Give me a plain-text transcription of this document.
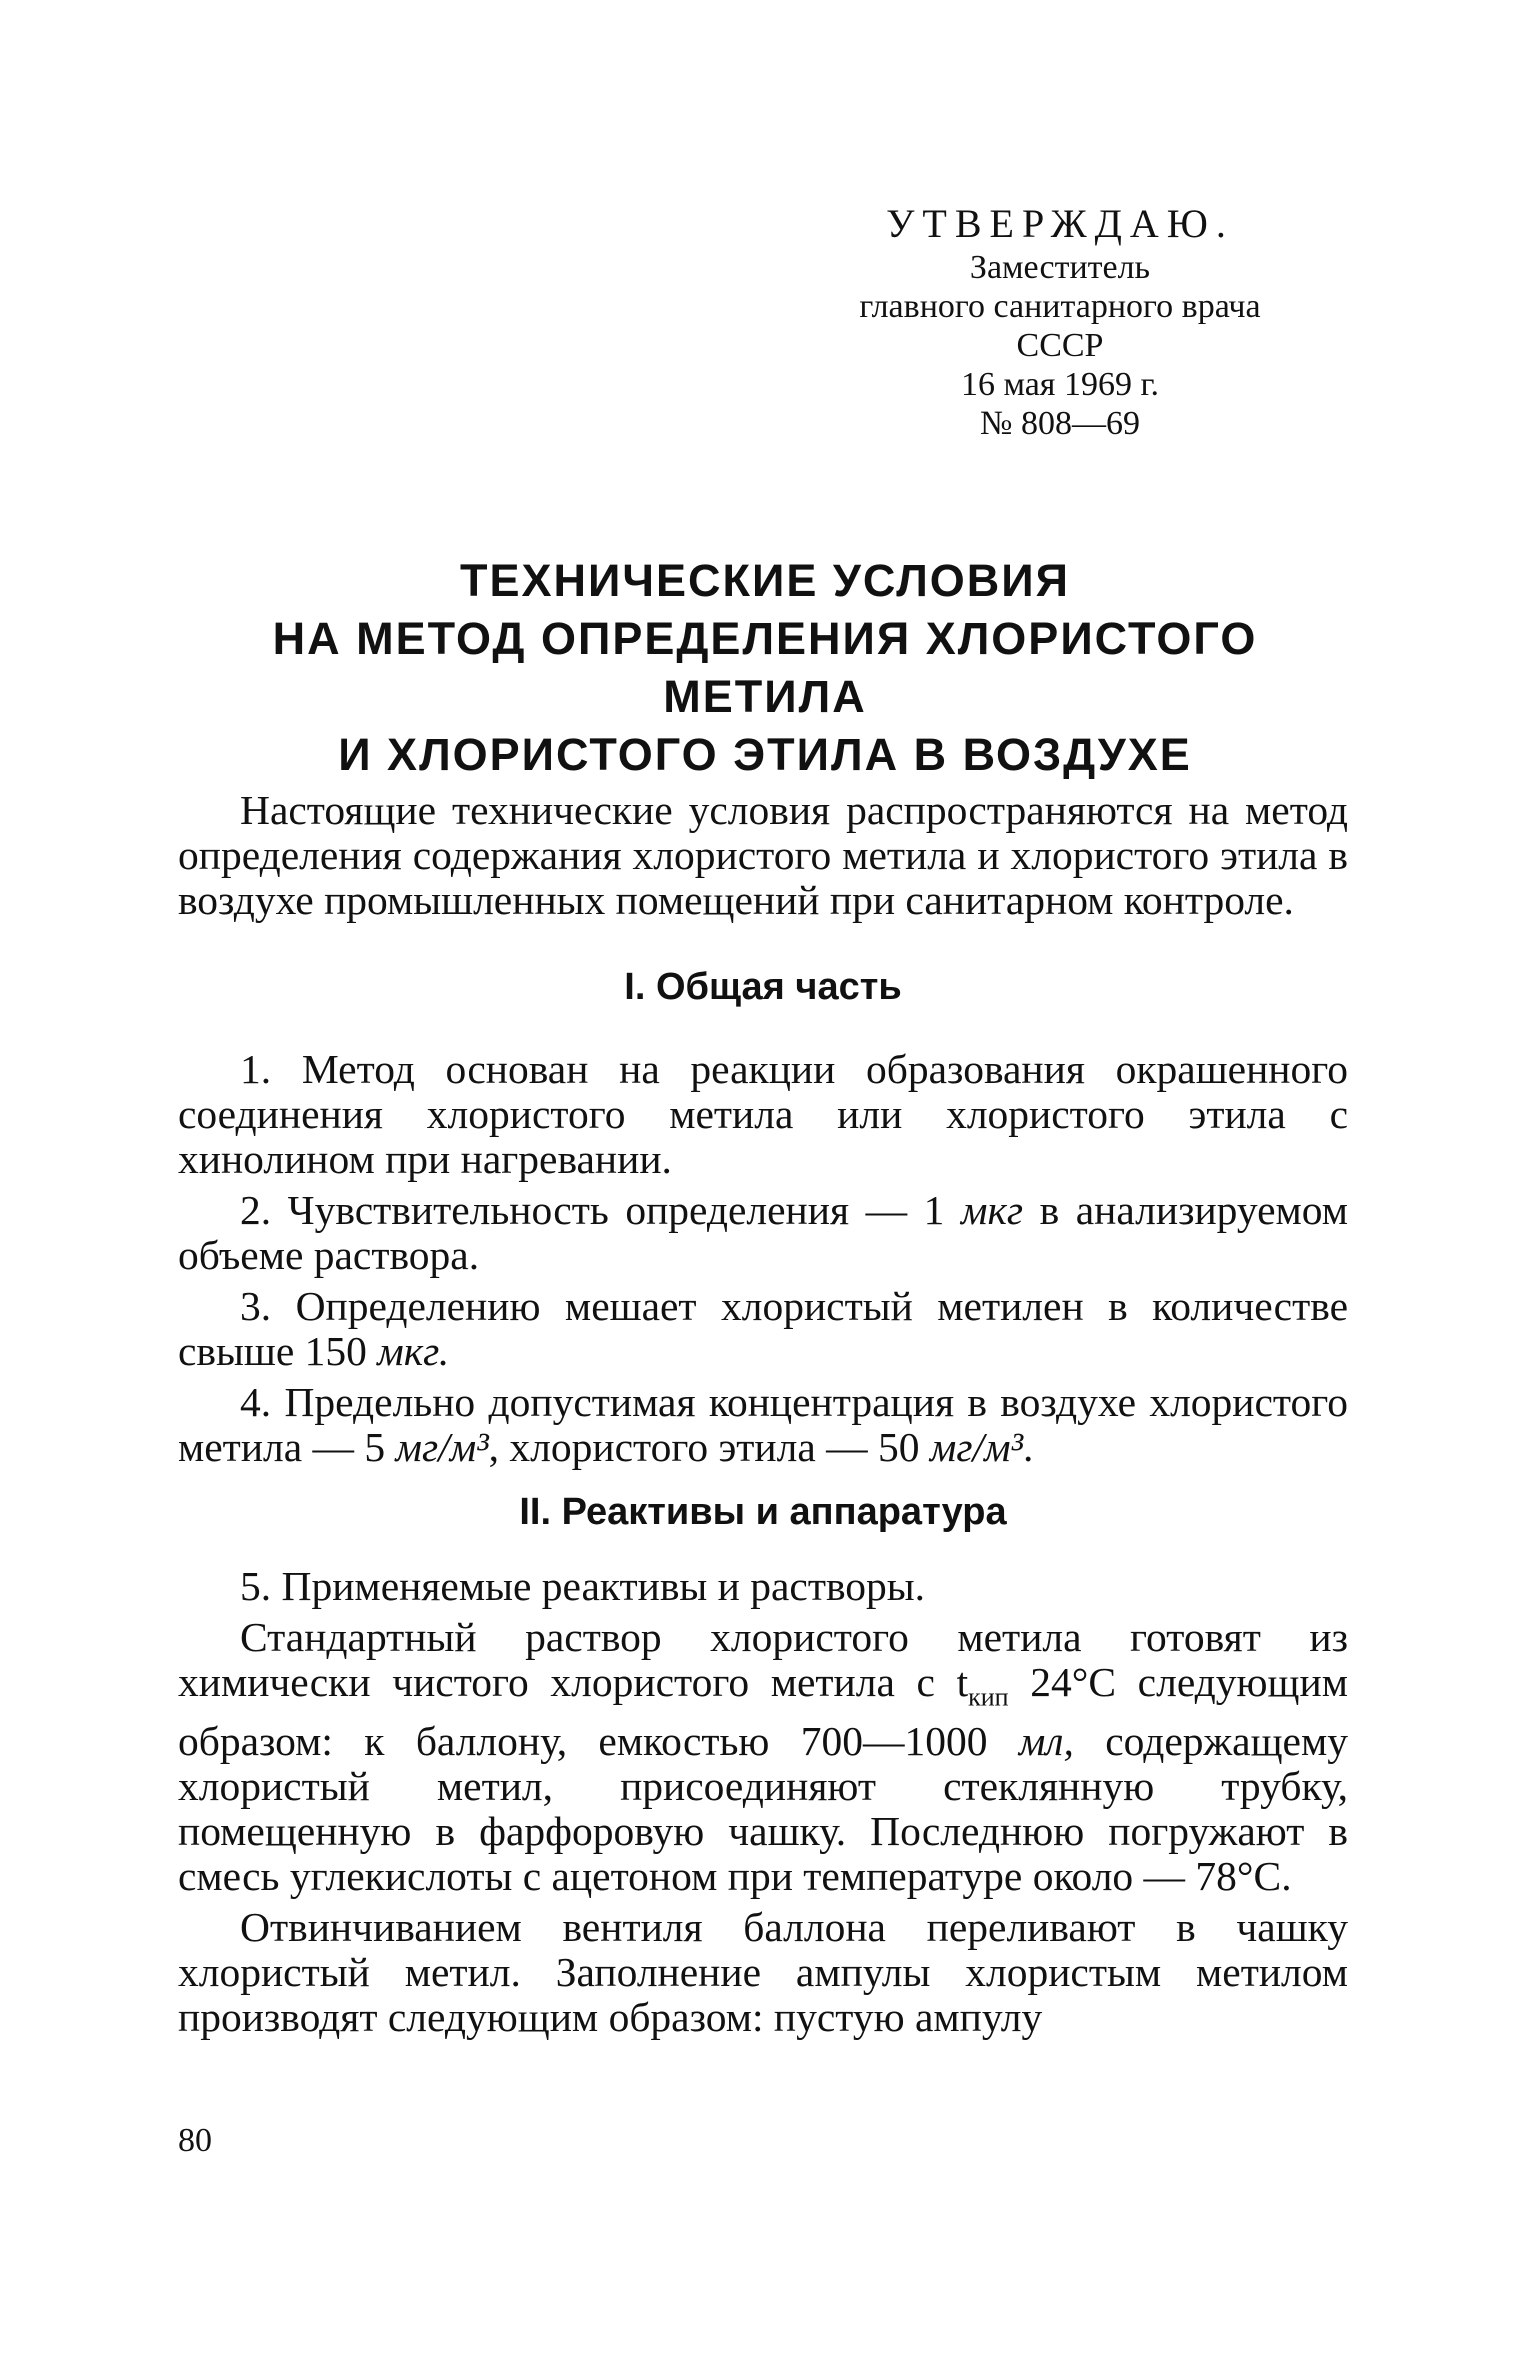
УТВЕРЖДАЮ.
Заместитель
главного санитарного врача
СССР
16 мая 1969 г.
№ 808—69
ТЕХНИЧЕСКИЕ УСЛОВИЯ
НА МЕТОД ОПРЕДЕЛЕНИЯ ХЛОРИСТОГО
МЕТИЛА
И ХЛОРИСТОГО ЭТИЛА В ВОЗДУХЕ

Настоящие технические условия распространяются на метод определения содержания хлористого метила и хлористого этила в воздухе промышленных помещений при санитарном контроле.

I. Общая часть

1. Метод основан на реакции образования окрашенного соединения хлористого метила или хлористого этила с хинолином при нагревании.

2. Чувствительность определения — 1 мкг в анализируемом объеме раствора.

3. Определению мешает хлористый метилен в количестве свыше 150 мкг.

4. Предельно допустимая концентрация в воздухе хлористого метила — 5 мг/м³, хлористого этила — 50 мг/м³.

II. Реактивы и аппаратура

5. Применяемые реактивы и растворы.

Стандартный раствор хлористого метила готовят из химически чистого хлористого метила с $t_{кип}$ 24°С следующим образом: к баллону, емкостью 700—1000 мл, содержащему хлористый метил, присоединяют стеклянную трубку, помещенную в фарфоровую чашку. Последнюю погружают в смесь углекислоты с ацетоном при температуре около — 78°С.

Отвинчиванием вентиля баллона переливают в чашку хлористый метил. Заполнение ампулы хлористым метилом производят следующим образом: пустую ампулу

80
